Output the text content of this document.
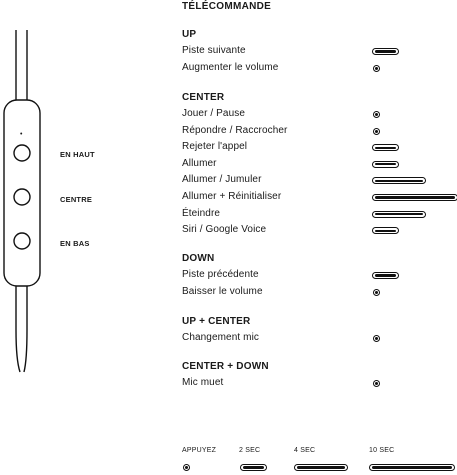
TÉLÉCOMMANDE
•
EN HAUT
CENTRE
EN BAS
UP
Piste suivante
Augmenter le volume
CENTER
Jouer / Pause
Répondre / Raccrocher
Rejeter l'appel
Allumer
Allumer / Jumuler
Allumer + Réinitialiser
Éteindre
Siri / Google Voice
DOWN
Piste précédente
Baisser le volume
UP + CENTER
Changement mic
CENTER + DOWN
Mic muet
APPUYEZ	2 SEC	4 SEC	10 SEC
